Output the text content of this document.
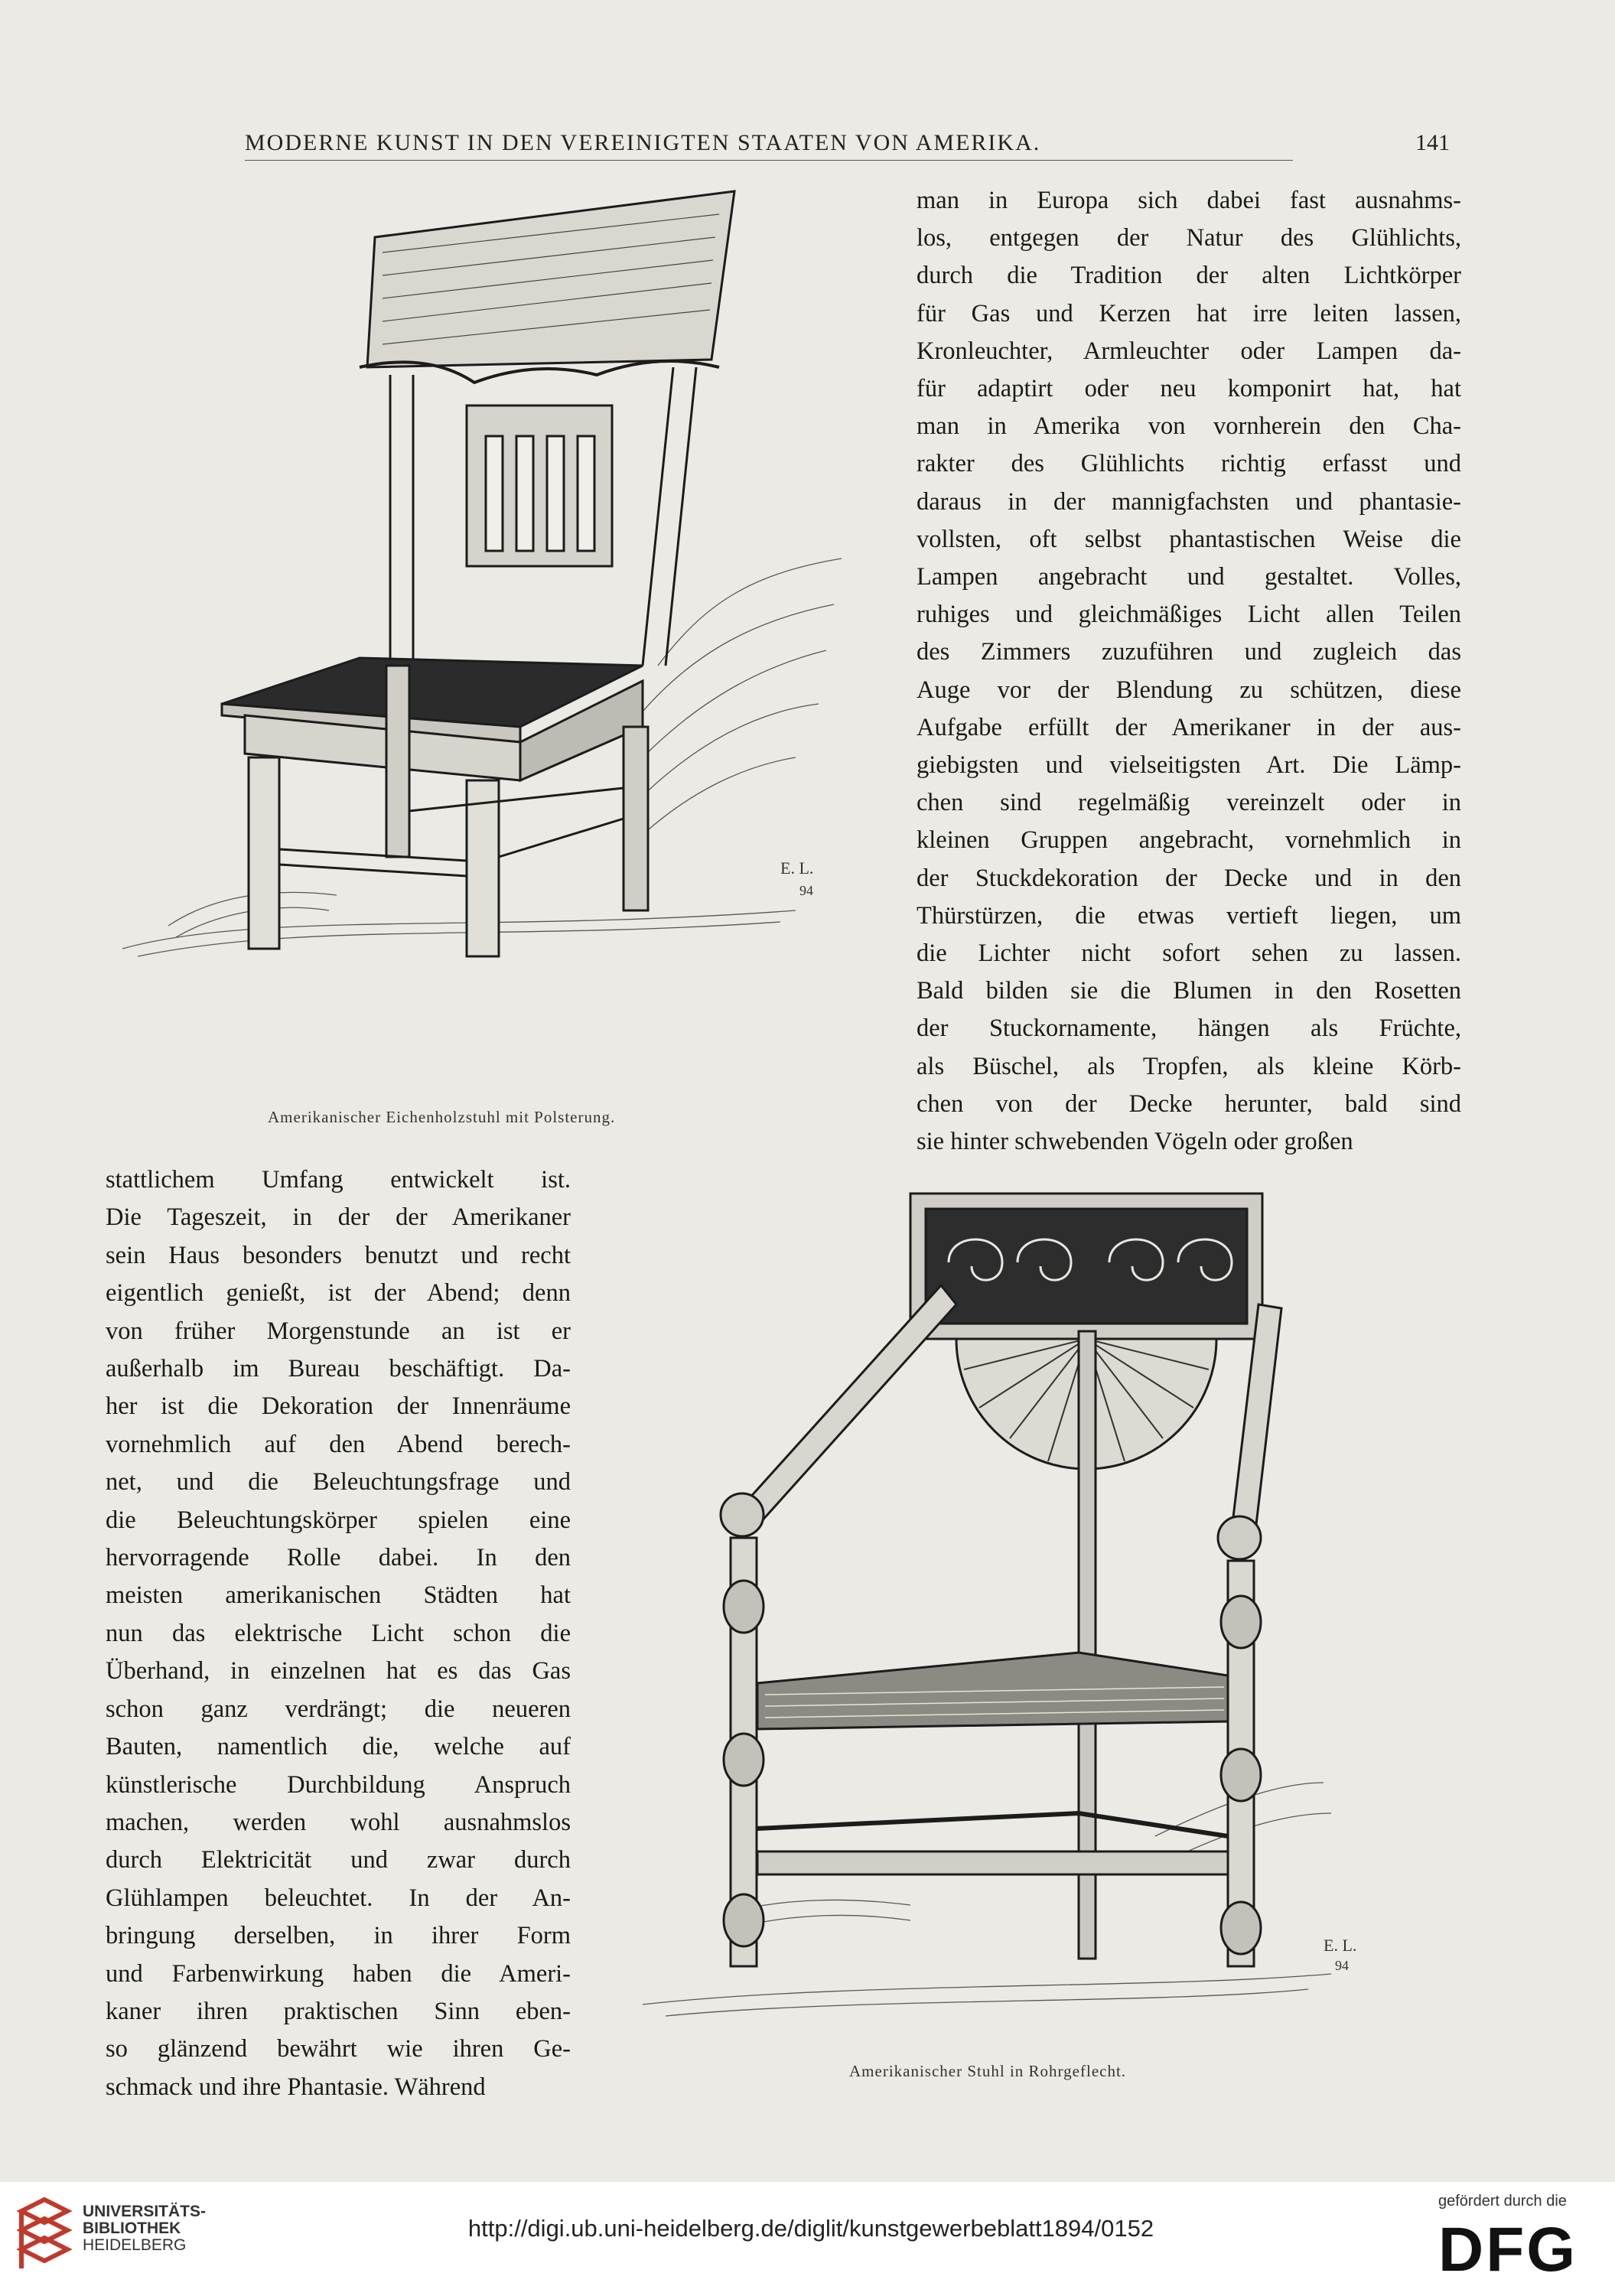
MODERNE KUNST IN DEN VEREINIGTEN STAATEN VON AMERIKA.	141
E. L.
94
Amerikanischer Eichenholzstuhl mit Polsterung.
man in Europa sich dabei fast ausnahms-
los, entgegen der Natur des Glühlichts,
durch die Tradition der alten Lichtkörper
für Gas und Kerzen hat irre leiten lassen,
Kronleuchter, Armleuchter oder Lampen da-
für adaptirt oder neu komponirt hat, hat
man in Amerika von vornherein den Cha-
rakter des Glühlichts richtig erfasst und
daraus in der mannigfachsten und phantasie-
vollsten, oft selbst phantastischen Weise die
Lampen angebracht und gestaltet. Volles,
ruhiges und gleichmäßiges Licht allen Teilen
des Zimmers zuzuführen und zugleich das
Auge vor der Blendung zu schützen, diese
Aufgabe erfüllt der Amerikaner in der aus-
giebigsten und vielseitigsten Art. Die Lämp-
chen sind regelmäßig vereinzelt oder in
kleinen Gruppen angebracht, vornehmlich in
der Stuckdekoration der Decke und in den
Thürstürzen, die etwas vertieft liegen, um
die Lichter nicht sofort sehen zu lassen.
Bald bilden sie die Blumen in den Rosetten
der Stuckornamente, hängen als Früchte,
als Büschel, als Tropfen, als kleine Körb-
chen von der Decke herunter, bald sind
sie hinter schwebenden Vögeln oder großen
stattlichem Umfang entwickelt ist.
Die Tageszeit, in der der Amerikaner
sein Haus besonders benutzt und recht
eigentlich genießt, ist der Abend; denn
von früher Morgenstunde an ist er
außerhalb im Bureau beschäftigt. Da-
her ist die Dekoration der Innenräume
vornehmlich auf den Abend berech-
net, und die Beleuchtungsfrage und
die Beleuchtungskörper spielen eine
hervorragende Rolle dabei. In den
meisten amerikanischen Städten hat
nun das elektrische Licht schon die
Überhand, in einzelnen hat es das Gas
schon ganz verdrängt; die neueren
Bauten, namentlich die, welche auf
künstlerische Durchbildung Anspruch
machen, werden wohl ausnahmslos
durch Elektricität und zwar durch
Glühlampen beleuchtet. In der An-
bringung derselben, in ihrer Form
und Farbenwirkung haben die Ameri-
kaner ihren praktischen Sinn eben-
so glänzend bewährt wie ihren Ge-
schmack und ihre Phantasie. Während
E. L.
94
Amerikanischer Stuhl in Rohrgeflecht.
UNIVERSITÄTS-
BIBLIOTHEK
HEIDELBERG
http://digi.ub.uni-heidelberg.de/diglit/kunstgewerbeblatt1894/0152
gefördert durch die
DFG
